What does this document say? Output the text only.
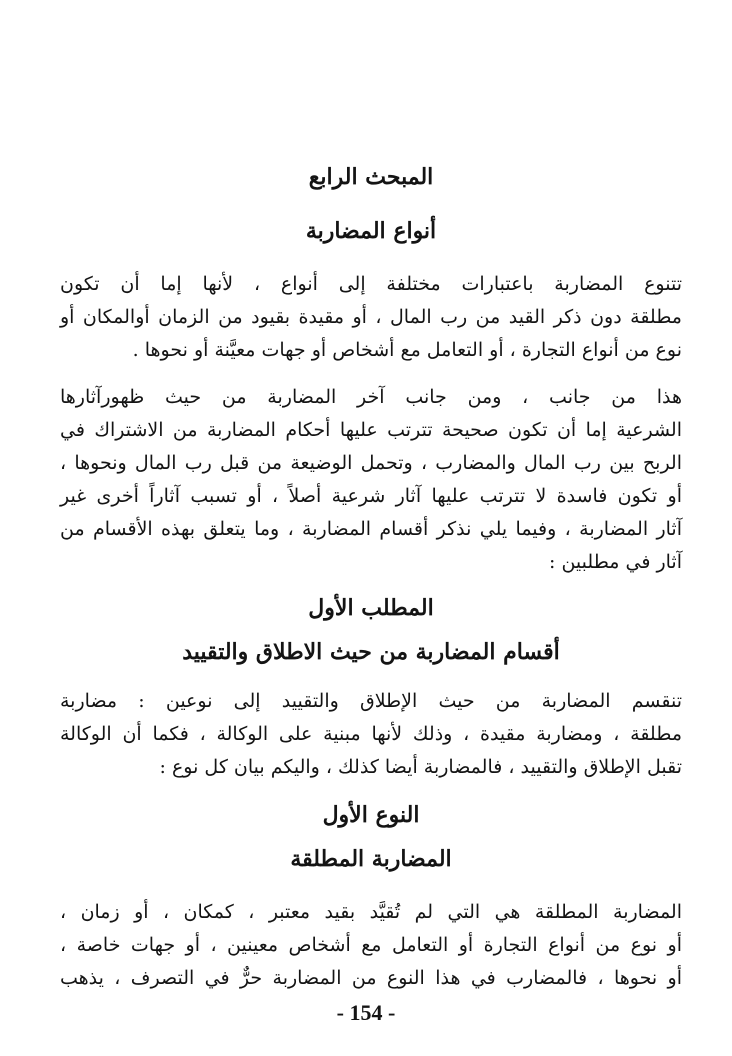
المبحث الرابع
أنواع المضاربة

تتنوع المضاربة باعتبارات مختلفة إلى أنواع ، لأنها إما أن تكون
مطلقة دون ذكر القيد من رب المال ، أو مقيدة بقيود من الزمان أوالمكان أو
نوع من أنواع التجارة ، أو التعامل مع أشخاص أو جهات معيَّنة أو نحوها .

هذا من جانب ، ومن جانب آخر المضاربة من حيث ظهورآثارها
الشرعية إما أن تكون صحيحة تترتب عليها أحكام المضاربة من الاشتراك في
الربح بين رب المال والمضارب ، وتحمل الوضيعة من قبل رب المال ونحوها ،
أو تكون فاسدة لا تترتب عليها آثار شرعية أصلاً ، أو تسبب آثاراً أخرى غير
آثار المضاربة ، وفيما يلي نذكر أقسام المضاربة ، وما يتعلق بهذه الأقسام من
آثار في مطلبين :

المطلب الأول
أقسام المضاربة من حيث الاطلاق والتقييد

تنقسم المضاربة من حيث الإطلاق والتقييد إلى نوعين : مضاربة
مطلقة ، ومضاربة مقيدة ، وذلك لأنها مبنية على الوكالة ، فكما أن الوكالة
تقبل الإطلاق والتقييد ، فالمضاربة أيضا كذلك ، واليكم بيان كل نوع :

النوع الأول
المضاربة المطلقة

المضاربة المطلقة هي التي لم تُقيَّد بقيد معتبر ، كمكان ، أو زمان ،
أو نوع من أنواع التجارة أو التعامل مع أشخاص معينين ، أو جهات خاصة ،
أو نحوها ، فالمضارب في هذا النوع من المضاربة حرٌّ في التصرف ، يذهب

- 154 -
